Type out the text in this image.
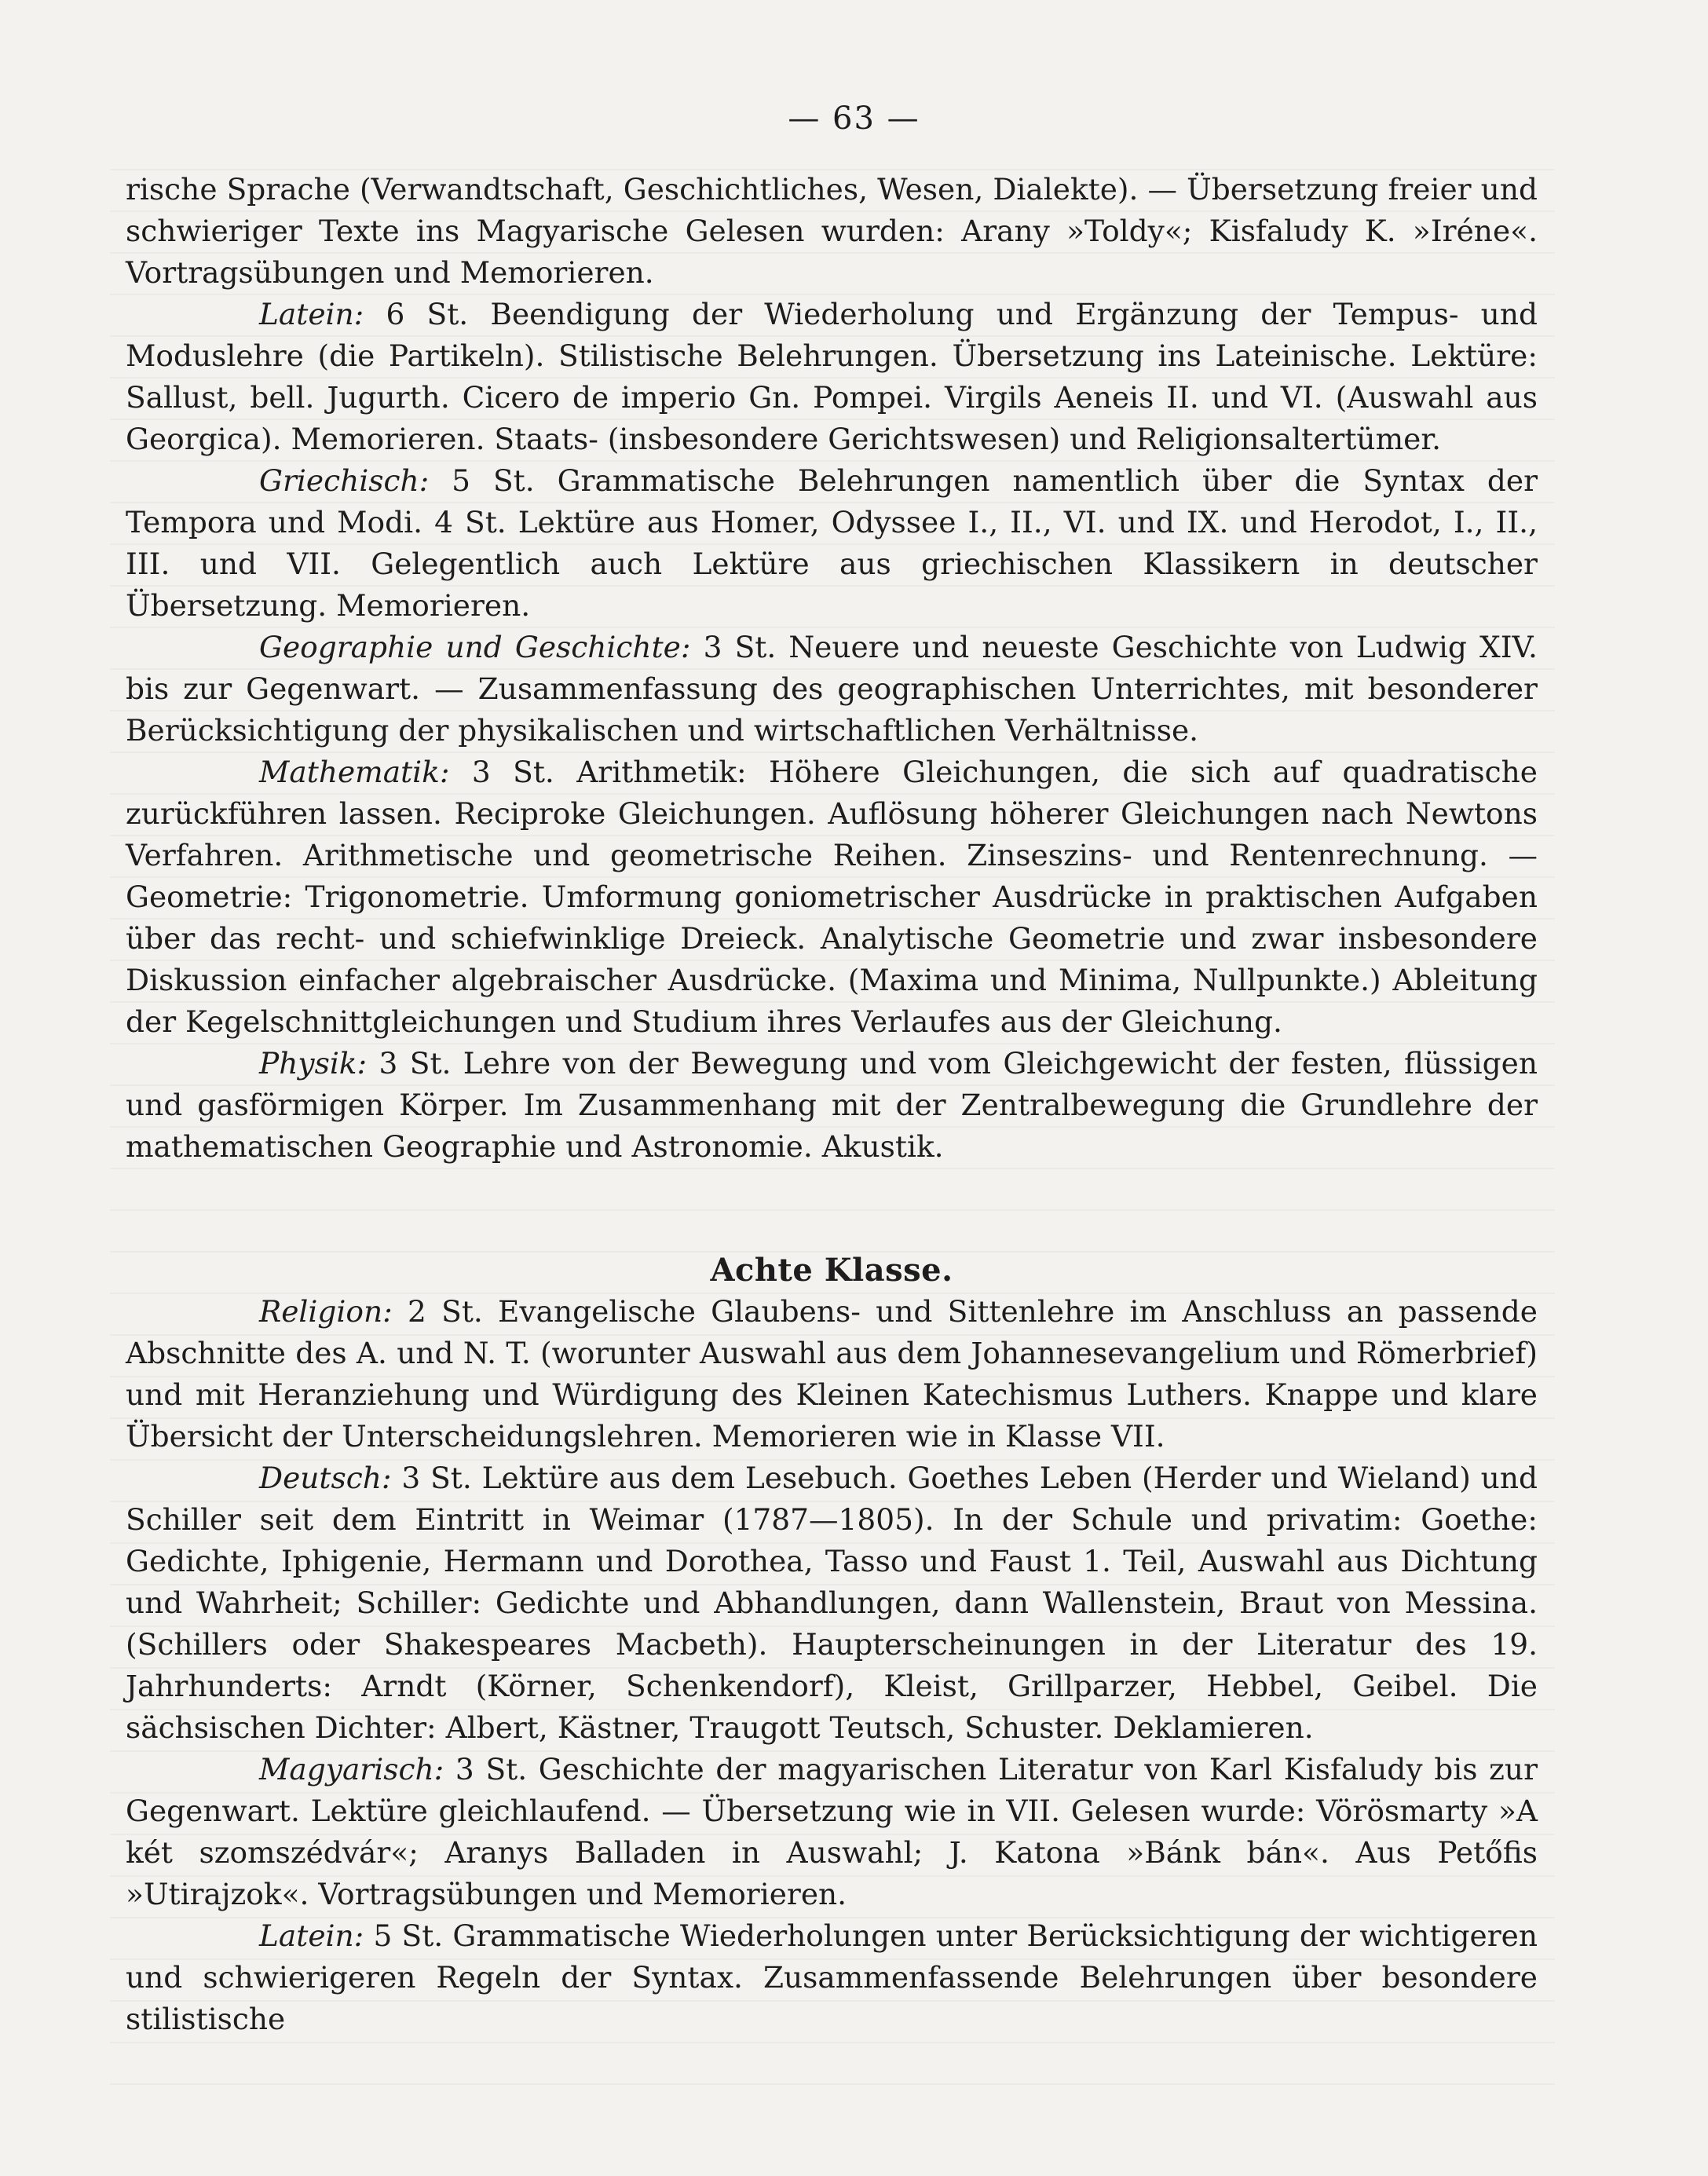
— 63 —

rische Sprache (Verwandtschaft, Geschichtliches, Wesen, Dialekte). — Übersetzung freier und schwieriger Texte ins Magyarische Gelesen wurden: Arany »Toldy«; Kisfaludy K. »Iréne«. Vortragsübungen und Memorieren.

Latein: 6 St. Beendigung der Wiederholung und Ergänzung der Tempus- und Moduslehre (die Partikeln). Stilistische Belehrungen. Übersetzung ins Lateinische. Lektüre: Sallust, bell. Jugurth. Cicero de imperio Gn. Pompei. Virgils Aeneis II. und VI. (Auswahl aus Georgica). Memorieren. Staats- (insbesondere Gerichtswesen) und Religionsaltertümer.

Griechisch: 5 St. Grammatische Belehrungen namentlich über die Syntax der Tempora und Modi. 4 St. Lektüre aus Homer, Odyssee I., II., VI. und IX. und Herodot, I., II., III. und VII. Gelegentlich auch Lektüre aus griechischen Klassikern in deutscher Übersetzung. Memorieren.

Geographie und Geschichte: 3 St. Neuere und neueste Geschichte von Ludwig XIV. bis zur Gegenwart. — Zusammenfassung des geographischen Unterrichtes, mit besonderer Berücksichtigung der physikalischen und wirtschaftlichen Verhältnisse.

Mathematik: 3 St. Arithmetik: Höhere Gleichungen, die sich auf quadratische zurückführen lassen. Reciproke Gleichungen. Auflösung höherer Gleichungen nach Newtons Verfahren. Arithmetische und geometrische Reihen. Zinseszins- und Rentenrechnung. — Geometrie: Trigonometrie. Umformung goniometrischer Ausdrücke in praktischen Aufgaben über das recht- und schiefwinklige Dreieck. Analytische Geometrie und zwar insbesondere Diskussion einfacher algebraischer Ausdrücke. (Maxima und Minima, Nullpunkte.) Ableitung der Kegelschnittgleichungen und Studium ihres Verlaufes aus der Gleichung.

Physik: 3 St. Lehre von der Bewegung und vom Gleichgewicht der festen, flüssigen und gasförmigen Körper. Im Zusammenhang mit der Zentralbewegung die Grundlehre der mathematischen Geographie und Astronomie. Akustik.

Achte Klasse.

Religion: 2 St. Evangelische Glaubens- und Sittenlehre im Anschluss an passende Abschnitte des A. und N. T. (worunter Auswahl aus dem Johannesevangelium und Römerbrief) und mit Heranziehung und Würdigung des Kleinen Katechismus Luthers. Knappe und klare Übersicht der Unterscheidungslehren. Memorieren wie in Klasse VII.

Deutsch: 3 St. Lektüre aus dem Lesebuch. Goethes Leben (Herder und Wieland) und Schiller seit dem Eintritt in Weimar (1787—1805). In der Schule und privatim: Goethe: Gedichte, Iphigenie, Hermann und Dorothea, Tasso und Faust 1. Teil, Auswahl aus Dichtung und Wahrheit; Schiller: Gedichte und Abhandlungen, dann Wallenstein, Braut von Messina. (Schillers oder Shakespeares Macbeth). Haupterscheinungen in der Literatur des 19. Jahrhunderts: Arndt (Körner, Schenkendorf), Kleist, Grillparzer, Hebbel, Geibel. Die sächsischen Dichter: Albert, Kästner, Traugott Teutsch, Schuster. Deklamieren.

Magyarisch: 3 St. Geschichte der magyarischen Literatur von Karl Kisfaludy bis zur Gegenwart. Lektüre gleichlaufend. — Übersetzung wie in VII. Gelesen wurde: Vörösmarty »A két szomszédvár«; Aranys Balladen in Auswahl; J. Katona »Bánk bán«. Aus Petőfis »Utirajzok«. Vortragsübungen und Memorieren.

Latein: 5 St. Grammatische Wiederholungen unter Berücksichtigung der wichtigeren und schwierigeren Regeln der Syntax. Zusammenfassende Belehrungen über besondere stilistische
